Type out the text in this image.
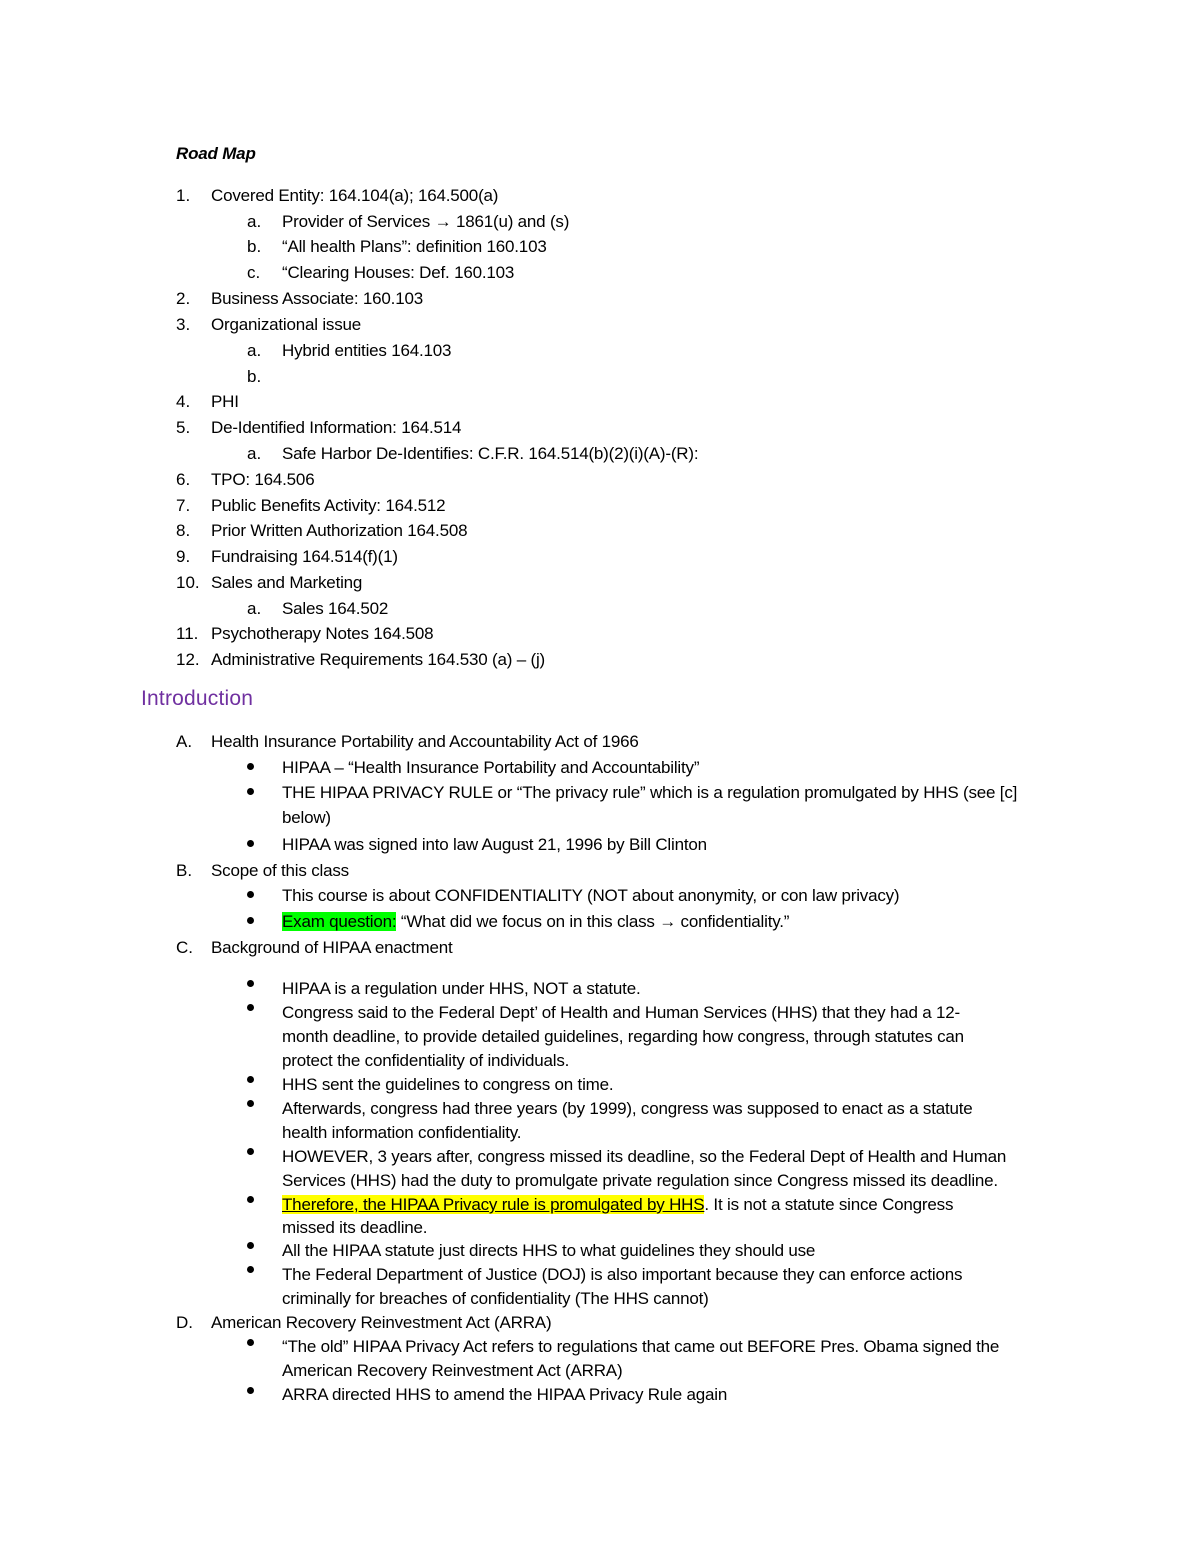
Road Map
1. Covered Entity: 164.104(a); 164.500(a)
a. Provider of Services → 1861(u) and (s)
b. “All health Plans”: definition 160.103
c. “Clearing Houses: Def. 160.103
2. Business Associate: 160.103
3. Organizational issue
a. Hybrid entities 164.103
b.
4. PHI
5. De-Identified Information: 164.514
a. Safe Harbor De-Identifies: C.F.R. 164.514(b)(2)(i)(A)-(R):
6. TPO: 164.506
7. Public Benefits Activity: 164.512
8. Prior Written Authorization 164.508
9. Fundraising 164.514(f)(1)
10. Sales and Marketing
a. Sales 164.502
11. Psychotherapy Notes 164.508
12. Administrative Requirements 164.530 (a) – (j)
Introduction
A. Health Insurance Portability and Accountability Act of 1966
HIPAA – “Health Insurance Portability and Accountability”
THE HIPAA PRIVACY RULE or “The privacy rule” which is a regulation promulgated by HHS (see [c]
below)
HIPAA was signed into law August 21, 1996 by Bill Clinton
B. Scope of this class
This course is about CONFIDENTIALITY (NOT about anonymity, or con law privacy)
Exam question: “What did we focus on in this class → confidentiality.”
C. Background of HIPAA enactment
HIPAA is a regulation under HHS, NOT a statute.
Congress said to the Federal Dept’ of Health and Human Services (HHS) that they had a 12-
month deadline, to provide detailed guidelines, regarding how congress, through statutes can
protect the confidentiality of individuals.
HHS sent the guidelines to congress on time.
Afterwards, congress had three years (by 1999), congress was supposed to enact as a statute
health information confidentiality.
HOWEVER, 3 years after, congress missed its deadline, so the Federal Dept of Health and Human
Services (HHS) had the duty to promulgate private regulation since Congress missed its deadline.
Therefore, the HIPAA Privacy rule is promulgated by HHS. It is not a statute since Congress
missed its deadline.
All the HIPAA statute just directs HHS to what guidelines they should use
The Federal Department of Justice (DOJ) is also important because they can enforce actions
criminally for breaches of confidentiality (The HHS cannot)
D. American Recovery Reinvestment Act (ARRA)
“The old” HIPAA Privacy Act refers to regulations that came out BEFORE Pres. Obama signed the
American Recovery Reinvestment Act (ARRA)
ARRA directed HHS to amend the HIPAA Privacy Rule again
